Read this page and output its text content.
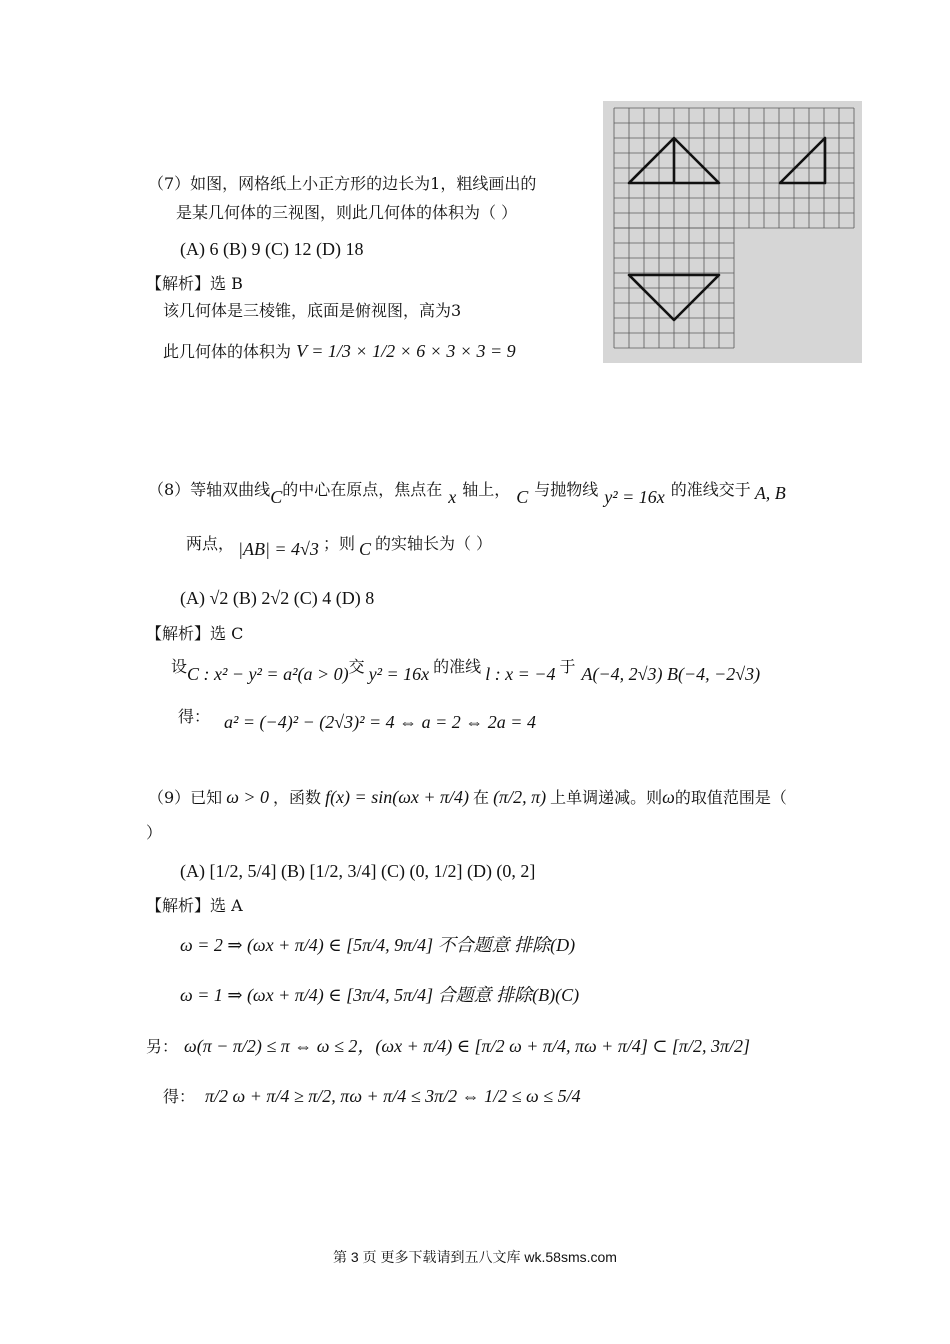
（7）如图，网格纸上小正方形的边长为1，粗线画出的
是某几何体的三视图，则此几何体的体积为（ ）
(A) 6 (B) 9 (C) 12 (D) 18
【解析】选 B
该几何体是三棱锥，底面是俯视图，高为3
此几何体的体积为 V = 1/3 × 1/2 × 6 × 3 × 3 = 9
（8）等轴双曲线C的中心在原点，焦点在 x 轴上， C 与抛物线 y² = 16x 的准线交于 A, B
两点， |AB| = 4√3 ；则 C 的实轴长为（ ）
(A) √2 (B) 2√2 (C) 4 (D) 8
【解析】选 C
设C : x² − y² = a²(a > 0)交 y² = 16x 的准线 l : x = −4 于 A(−4, 2√3) B(−4, −2√3)
得： a² = (−4)² − (2√3)² = 4 ⇔ a = 2 ⇔ 2a = 4
（9）已知 ω > 0 ，函数 f(x) = sin(ωx + π/4) 在 (π/2, π) 上单调递减。则ω的取值范围是（
）
(A) [1/2, 5/4] (B) [1/2, 3/4] (C) (0, 1/2] (D) (0, 2]
【解析】选 A
ω = 2 ⇒ (ωx + π/4) ∈ [5π/4, 9π/4] 不合题意 排除(D)
ω = 1 ⇒ (ωx + π/4) ∈ [3π/4, 5π/4] 合题意 排除(B)(C)
另： ω(π − π/2) ≤ π ⇔ ω ≤ 2，(ωx + π/4) ∈ [π/2 ω + π/4, πω + π/4] ⊂ [π/2, 3π/2]
得： π/2 ω + π/4 ≥ π/2, πω + π/4 ≤ 3π/2 ⇔ 1/2 ≤ ω ≤ 5/4
第 3 页 更多下载请到五八文库 wk.58sms.com
